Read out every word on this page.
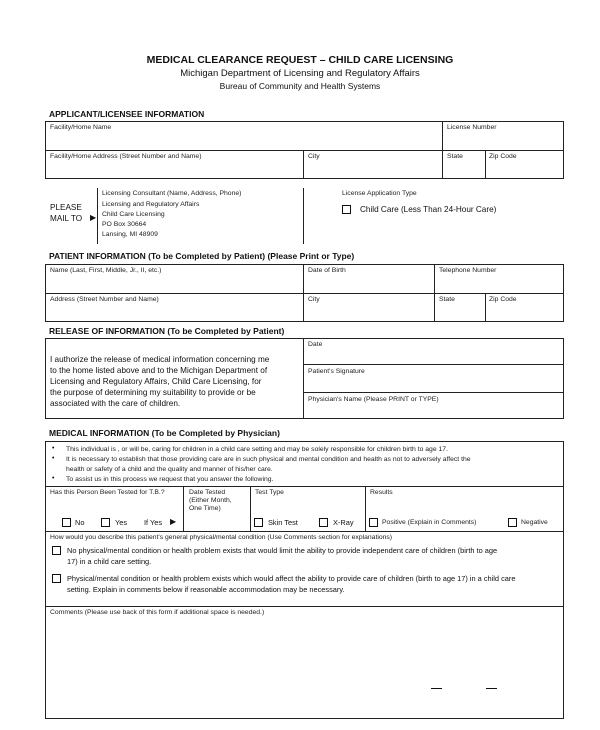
MEDICAL CLEARANCE REQUEST – CHILD CARE LICENSING
Michigan Department of Licensing and Regulatory Affairs
Bureau of Community and Health Systems
APPLICANT/LICENSEE INFORMATION
Facility/Home Name	License Number
Facility/Home Address (Street Number and Name)	City	State	Zip Code
PLEASE
MAIL TO ▶
Licensing Consultant (Name, Address, Phone)
Licensing and Regulatory Affairs
Child Care Licensing
PO Box 30664
Lansing, MI 48909
License Application Type
Child Care (Less Than 24-Hour Care)
PATIENT INFORMATION (To be Completed by Patient) (Please Print or Type)
Name (Last, First, Middle, Jr., II, etc.)	Date of Birth	Telephone Number
Address (Street Number and Name)	City	State	Zip Code
RELEASE OF INFORMATION (To be Completed by Patient)
I authorize the release of medical information concerning me
to the home listed above and to the Michigan Department of
Licensing and Regulatory Affairs, Child Care Licensing, for
the purpose of determining my suitability to provide or be
associated with the care of children.
Date
Patient's Signature
Physician's Name (Please PRINT or TYPE)
MEDICAL INFORMATION (To be Completed by Physician)
• This individual is , or will be, caring for children in a child care setting and may be solely responsible for children birth to age 17.
• It is necessary to establish that those providing care are in such physical and mental condition and health as not to adversely affect the
health or safety of a child and the quality and manner of his/her care.
• To assist us in this process we request that you answer the following.
Has this Person Been Tested for T.B.?
No	Yes If Yes ▶
Date Tested
(Either Month,
One Time)
Test Type
Skin Test	X-Ray
Results
Positive (Explain in Comments)	Negative
How would you describe this patient's general physical/mental condition (Use Comments section for explanations)
No physical/mental condition or health problem exists that would limit the ability to provide independent care of children (birth to age
17) in a child care setting.
Physical/mental condition or health problem exists which would affect the ability to provide care of children (birth to age 17) in a child care
setting. Explain in comments below if reasonable accommodation may be necessary.
Comments (Please use back of this form if additional space is needed.)
